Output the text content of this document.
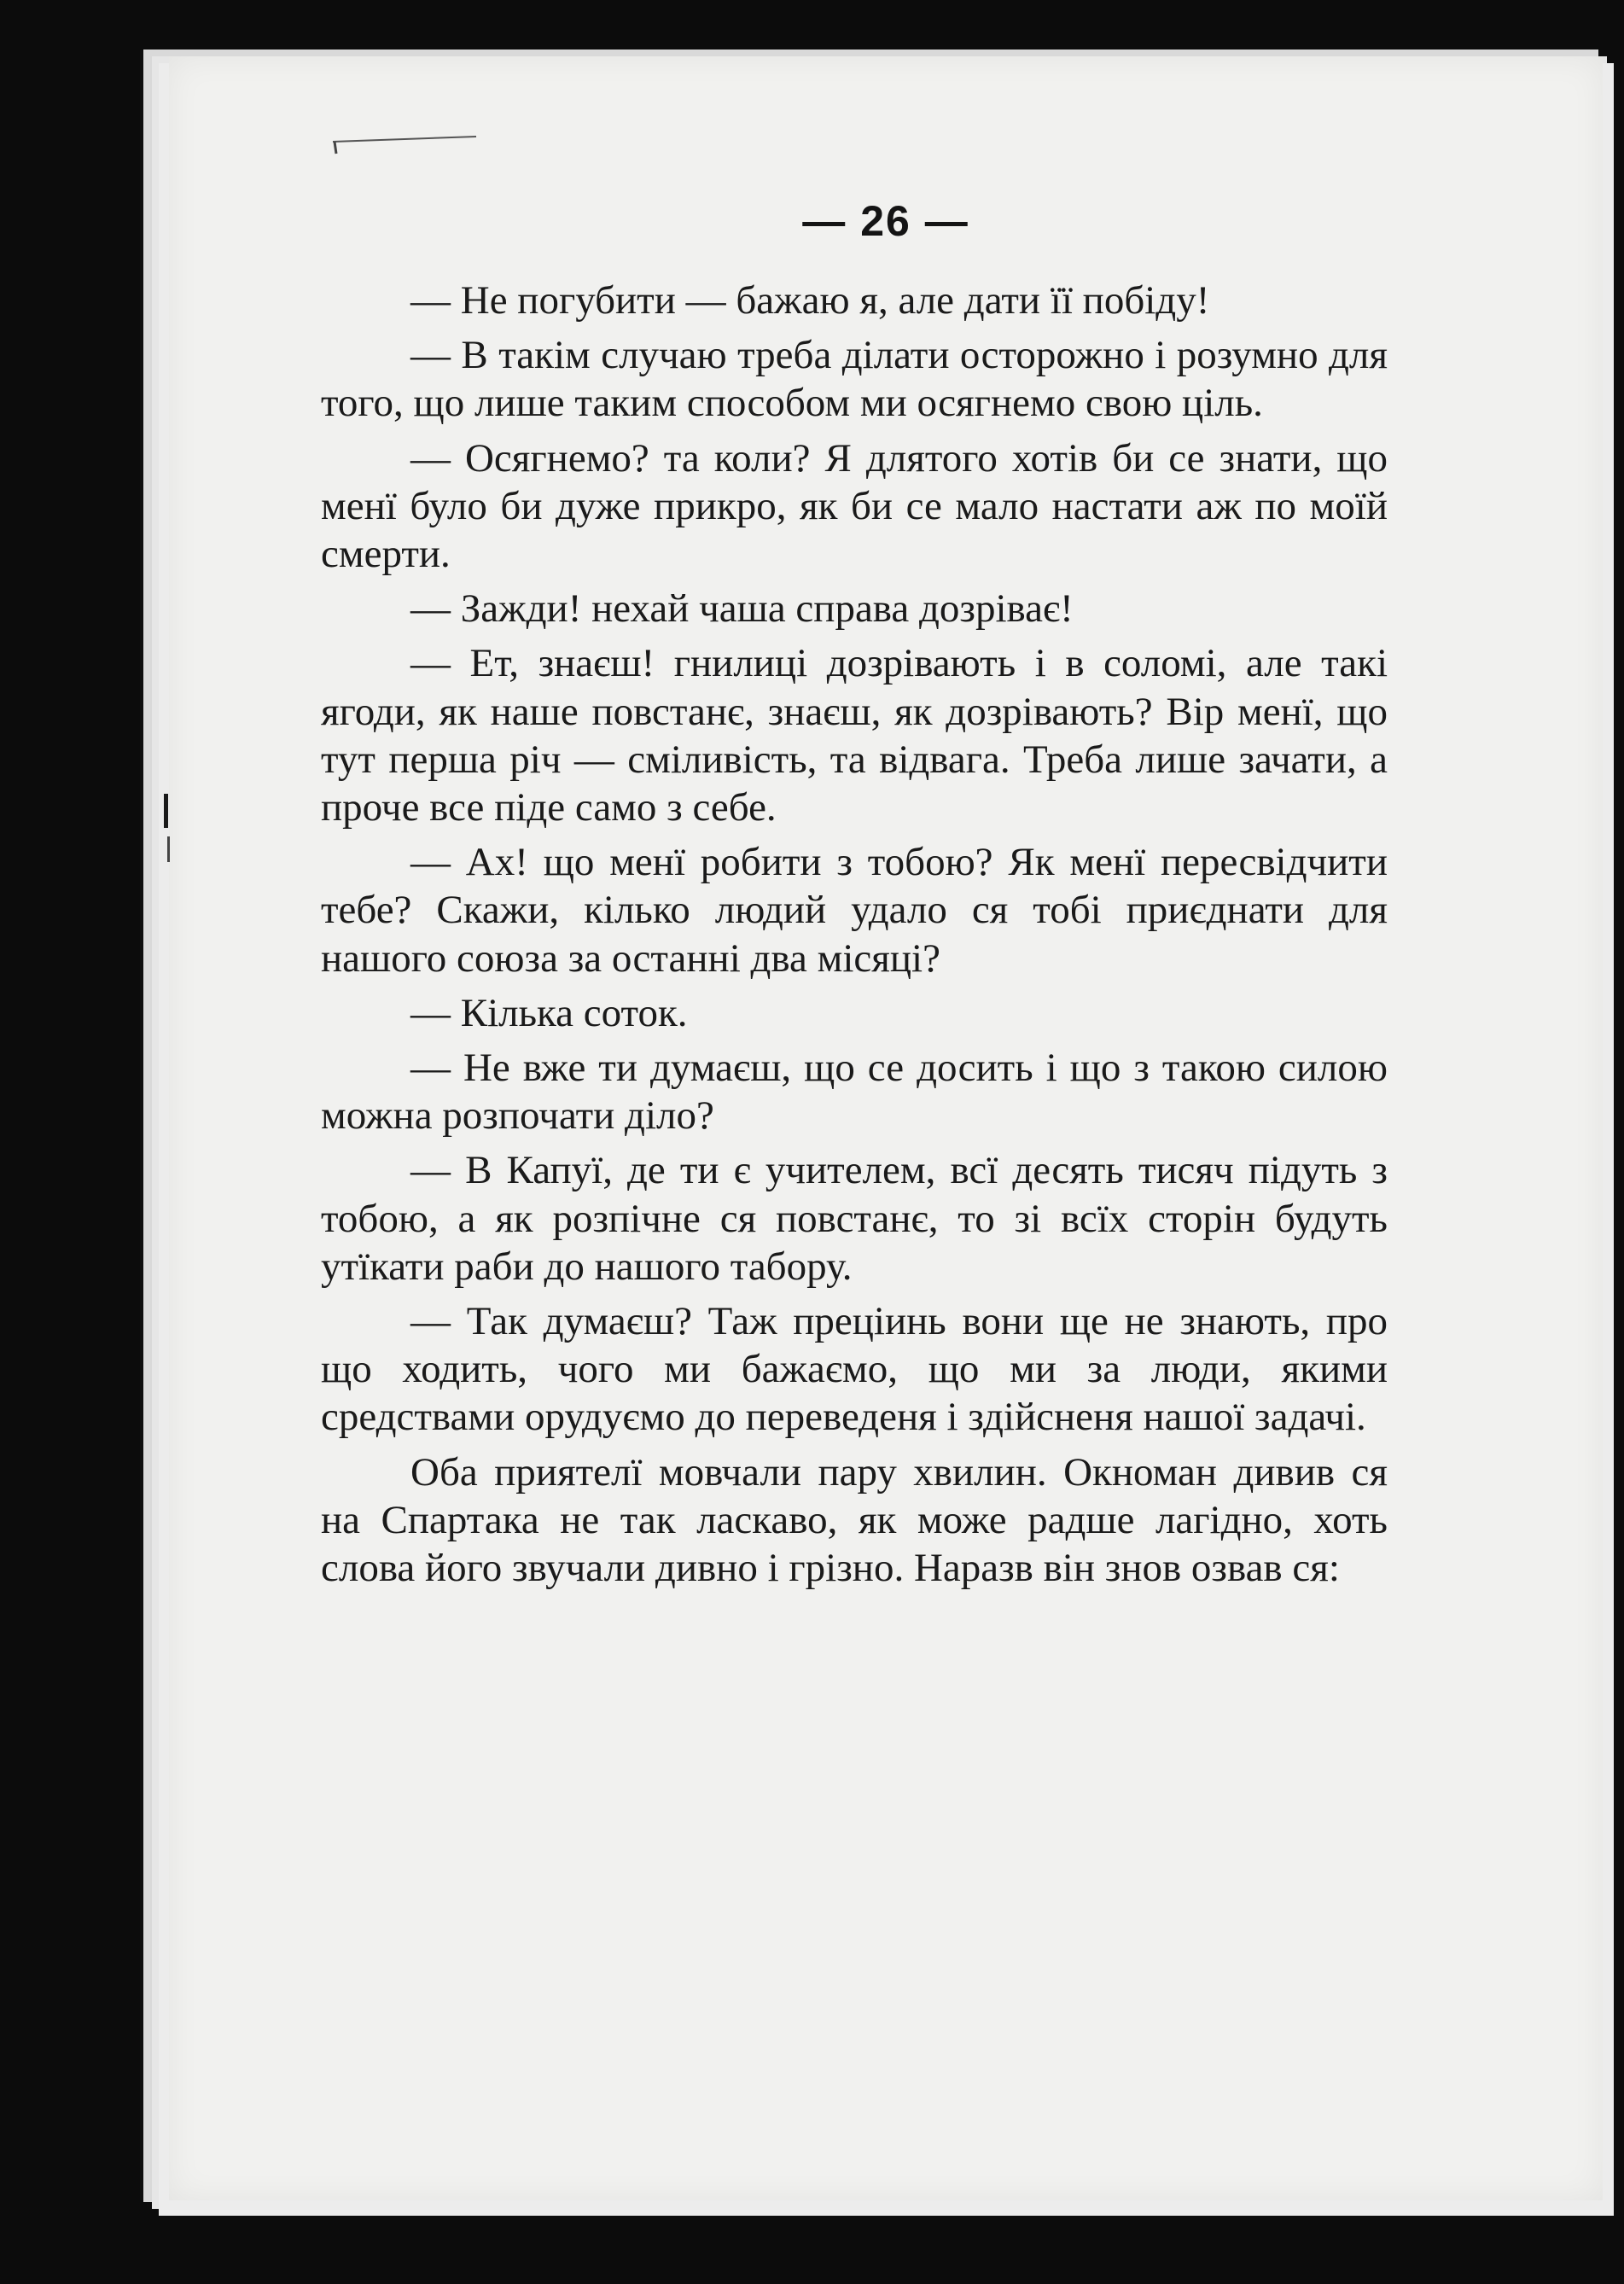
— 26 —

— Не погубити — бажаю я, але дати її побіду!

— В такім случаю треба ділати осторожно і розумно для того, що лише таким способом ми осягнемо свою ціль.

— Осягнемо? та коли? Я длятого хотів би се знати, що менї було би дуже прикро, як би се мало настати аж по моїй смерти.

— Зажди! нехай чаша справа дозріває!

— Ет, знаєш! гнилиці дозрівають і в соломі, але такі ягоди, як наше повстанє, знаєш, як дозрівають? Вір менї, що тут перша річ — сміливість, та відвага. Треба лише зачати, а проче все піде само з себе.

— Ах! що менї робити з тобою? Як менї пересвідчити тебе? Скажи, кілько людий удало ся тобі приєднати для нашого союза за останні два місяці?

— Кілька соток.

— Не вже ти думаєш, що се досить і що з такою силою можна розпочати діло?

— В Капуї, де ти є учителем, всї десять тисяч підуть з тобою, а як розпічне ся повстанє, то зі всїх сторін будуть утїкати раби до нашого табору.

— Так думаєш? Таж преціинь вони ще не знають, про що ходить, чого ми бажаємо, що ми за люди, якими средствами орудуємо до переведеня і здійсненя нашої задачі.

Оба приятелї мовчали пару хвилин. Окноман дивив ся на Спартака не так ласкаво, як може радше лагідно, хоть слова його звучали дивно і грізно. Наразв він знов озвав ся:
